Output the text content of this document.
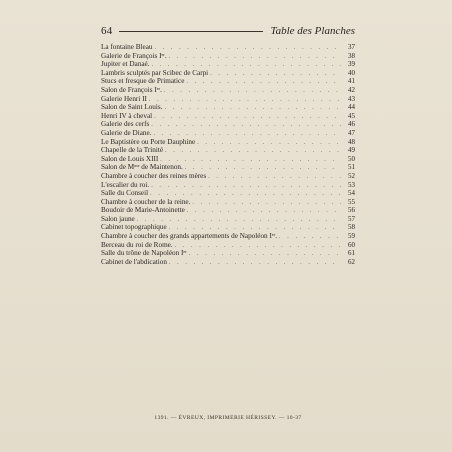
64	Table des Planches
La fontaine Bleau . . .	37
Galerie de François Iᵉʳ. . . .	38
Jupiter et Danaé. . . .	39
Lambris sculptés par Scibec de Carpi . . .	40
Stucs et fresque de Primatice . . .	41
Salon de François Iᵉʳ. . . .	42
Galerie Henri II . . .	43
Salon de Saint Louis. . . .	44
Henri IV à cheval . . .	45
Galerie des cerfs . . .	46
Galerie de Diane. . . .	47
Le Baptistère ou Porte Dauphine . . .	48
Chapelle de la Trinité . . .	49
Salon de Louis XIII . . .	50
Salon de Mᵐᵉ de Maintenon. . . .	51
Chambre à coucher des reines mères . . .	52
L'escalier du roi. . . .	53
Salle du Conseil . . .	54
Chambre à coucher de la reine. . . .	55
Boudoir de Marie-Antoinette . . .	56
Salon jaune . . .	57
Cabinet topographique . . .	58
Chambre à coucher des grands appartements de Napoléon Iᵉʳ. . . .	59
Berceau du roi de Rome. . . .	60
Salle du trône de Napoléon Iᵉʳ . . .	61
Cabinet de l'abdication . . .	62
1391. — ÉVREUX, IMPRIMERIE HÉRISSEY. — 10-37
